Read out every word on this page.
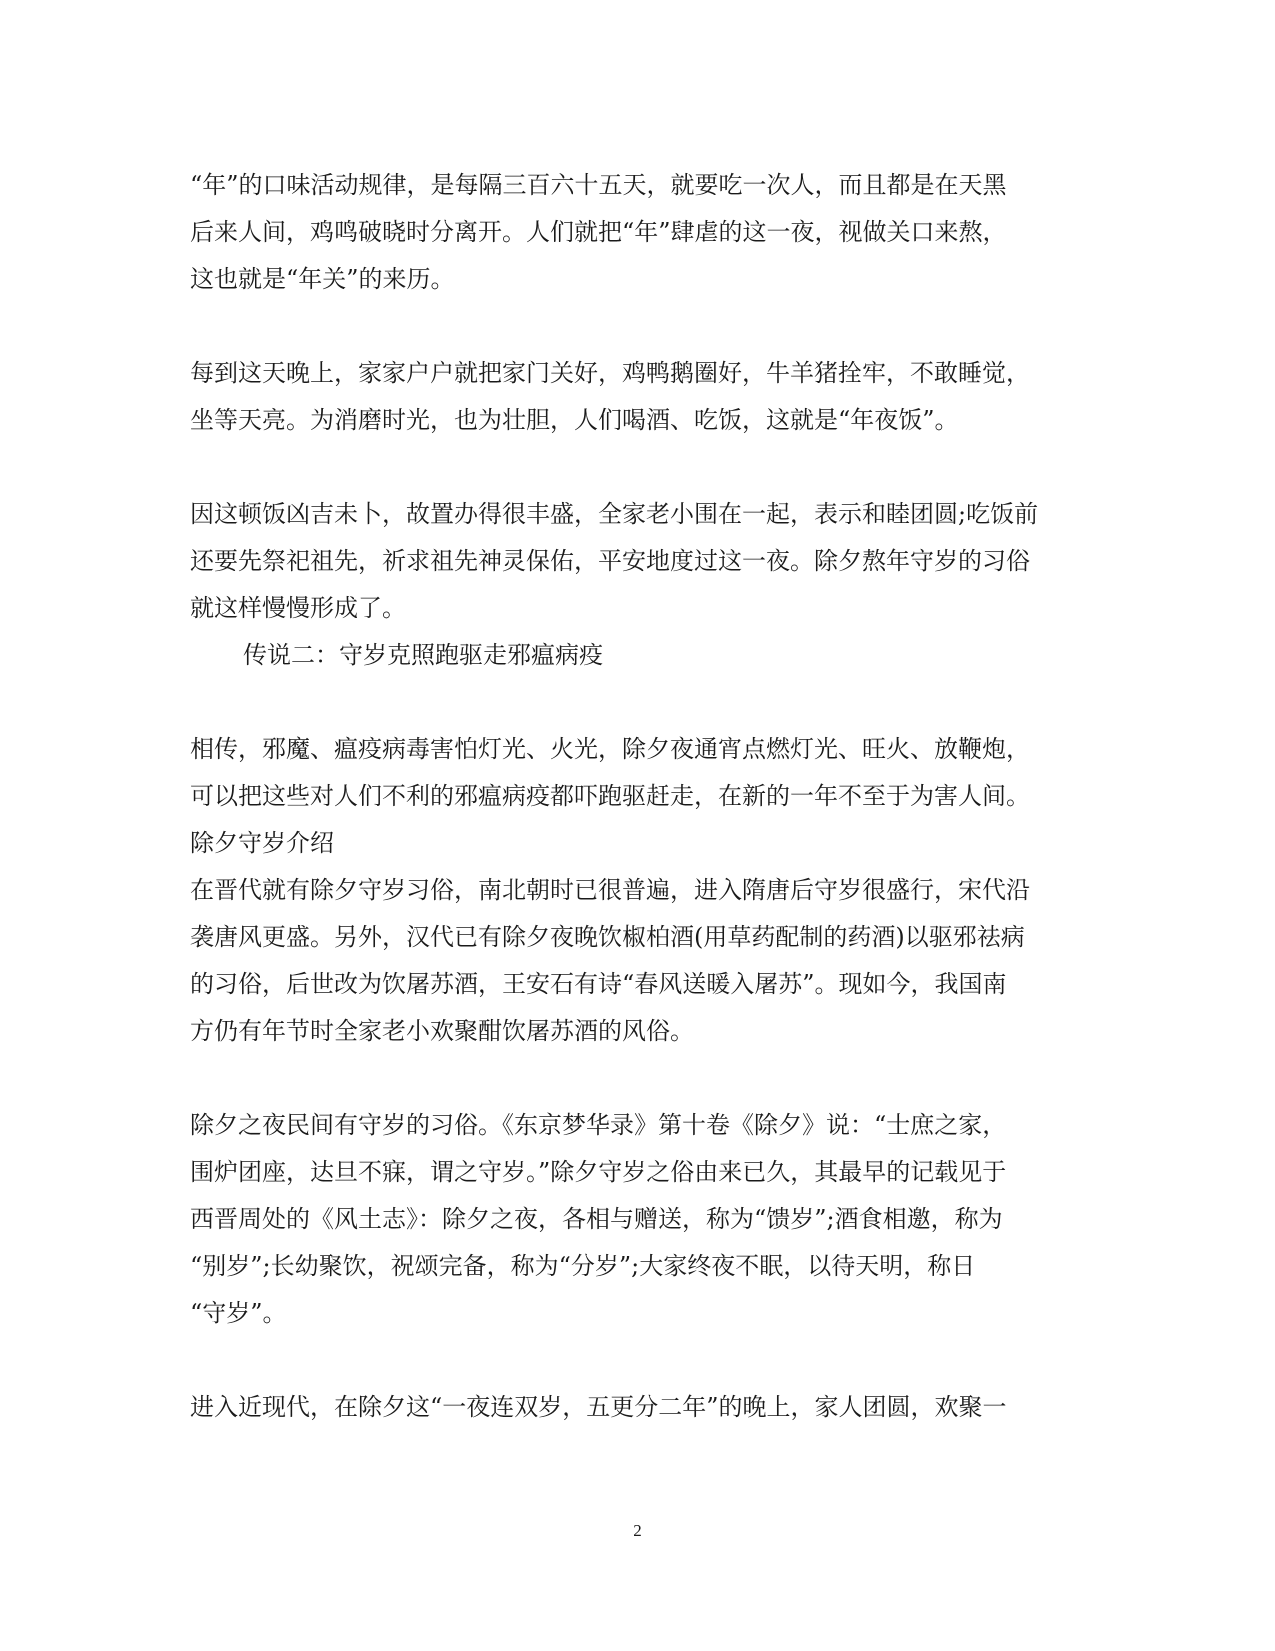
“年”的口味活动规律，是每隔三百六十五天，就要吃一次人，而且都是在天黑

后来人间，鸡鸣破晓时分离开。人们就把“年”肆虐的这一夜，视做关口来熬，

这也就是“年关”的来历。

每到这天晚上，家家户户就把家门关好，鸡鸭鹅圈好，牛羊猪拴牢，不敢睡觉，

坐等天亮。为消磨时光，也为壮胆，人们喝酒、吃饭，这就是“年夜饭”。

因这顿饭凶吉未卜，故置办得很丰盛，全家老小围在一起，表示和睦团圆;吃饭前

还要先祭祀祖先，祈求祖先神灵保佑，平安地度过这一夜。除夕熬年守岁的习俗

就这样慢慢形成了。

传说二：守岁克照跑驱走邪瘟病疫

相传，邪魔、瘟疫病毒害怕灯光、火光，除夕夜通宵点燃灯光、旺火、放鞭炮，

可以把这些对人们不利的邪瘟病疫都吓跑驱赶走，在新的一年不至于为害人间。

除夕守岁介绍

在晋代就有除夕守岁习俗，南北朝时已很普遍，进入隋唐后守岁很盛行，宋代沿

袭唐风更盛。另外，汉代已有除夕夜晚饮椒柏酒(用草药配制的药酒)以驱邪祛病

的习俗，后世改为饮屠苏酒，王安石有诗“春风送暖入屠苏”。现如今，我国南

方仍有年节时全家老小欢聚酣饮屠苏酒的风俗。

除夕之夜民间有守岁的习俗。《东京梦华录》第十卷《除夕》说：“士庶之家，

围炉团座，达旦不寐，谓之守岁。”除夕守岁之俗由来已久，其最早的记载见于

西晋周处的《风土志》：除夕之夜，各相与赠送，称为“馈岁”;酒食相邀，称为

“别岁”;长幼聚饮，祝颂完备，称为“分岁”;大家终夜不眠，以待天明，称日

“守岁”。

进入近现代，在除夕这“一夜连双岁，五更分二年”的晚上，家人团圆，欢聚一

2
